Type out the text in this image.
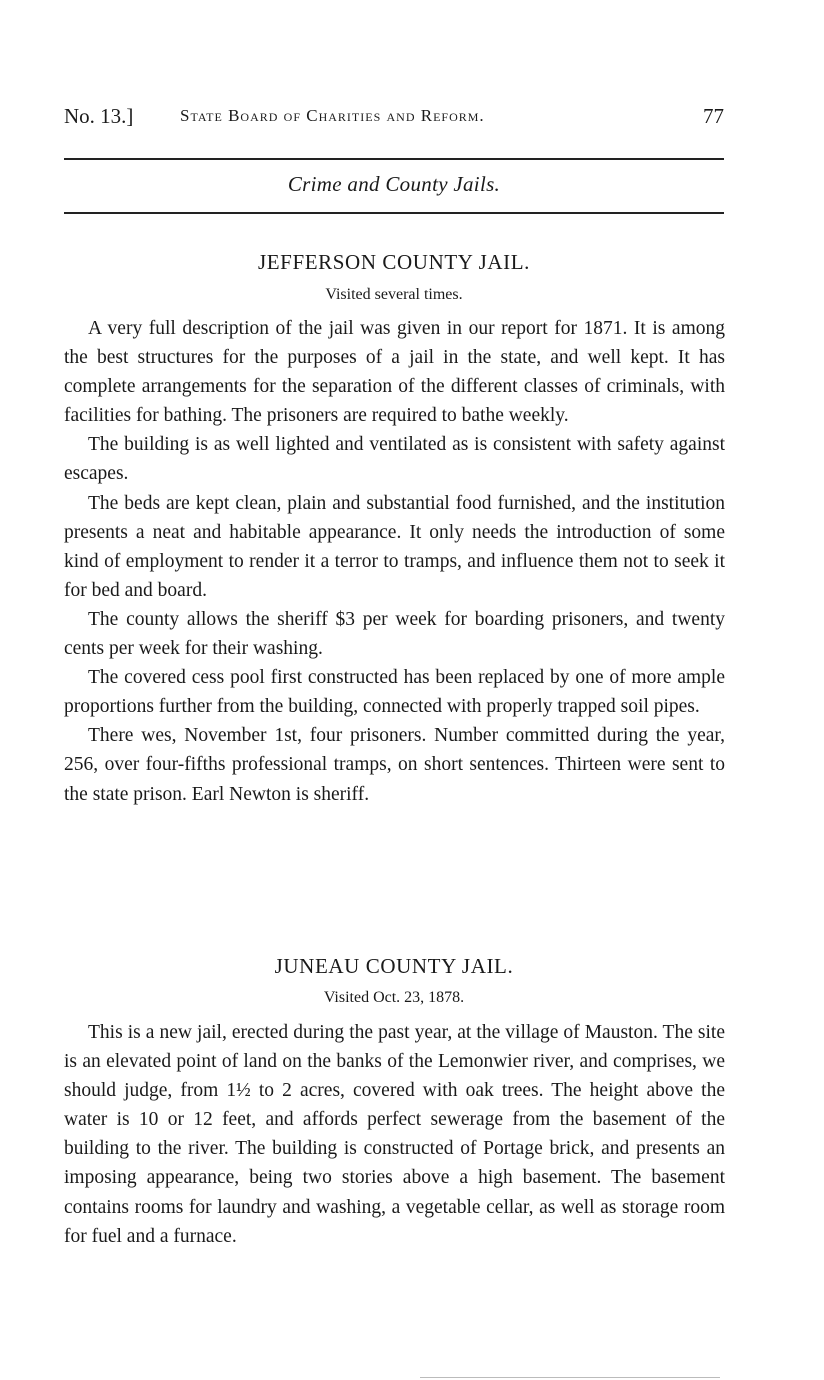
No. 13.]	State Board of Charities and Reform.	77
Crime and County Jails.
JEFFERSON COUNTY JAIL.
Visited several times.

A very full description of the jail was given in our report for 1871. It is among the best structures for the purposes of a jail in the state, and well kept. It has complete arrangements for the separation of the different classes of criminals, with facilities for bathing. The prisoners are required to bathe weekly.

The building is as well lighted and ventilated as is consistent with safety against escapes.

The beds are kept clean, plain and substantial food furnished, and the institution presents a neat and habitable appearance. It only needs the introduction of some kind of employment to render it a terror to tramps, and influence them not to seek it for bed and board.

The county allows the sheriff $3 per week for boarding prisoners, and twenty cents per week for their washing.

The covered cess pool first constructed has been replaced by one of more ample proportions further from the building, connected with properly trapped soil pipes.

There wes, November 1st, four prisoners. Number committed during the year, 256, over four-fifths professional tramps, on short sentences. Thirteen were sent to the state prison. Earl Newton is sheriff.

JUNEAU COUNTY JAIL.
Visited Oct. 23, 1878.

This is a new jail, erected during the past year, at the village of Mauston. The site is an elevated point of land on the banks of the Lemonwier river, and comprises, we should judge, from 1½ to 2 acres, covered with oak trees. The height above the water is 10 or 12 feet, and affords perfect sewerage from the basement of the building to the river. The building is constructed of Portage brick, and presents an imposing appearance, being two stories above a high basement. The basement contains rooms for laundry and washing, a vegetable cellar, as well as storage room for fuel and a furnace.
